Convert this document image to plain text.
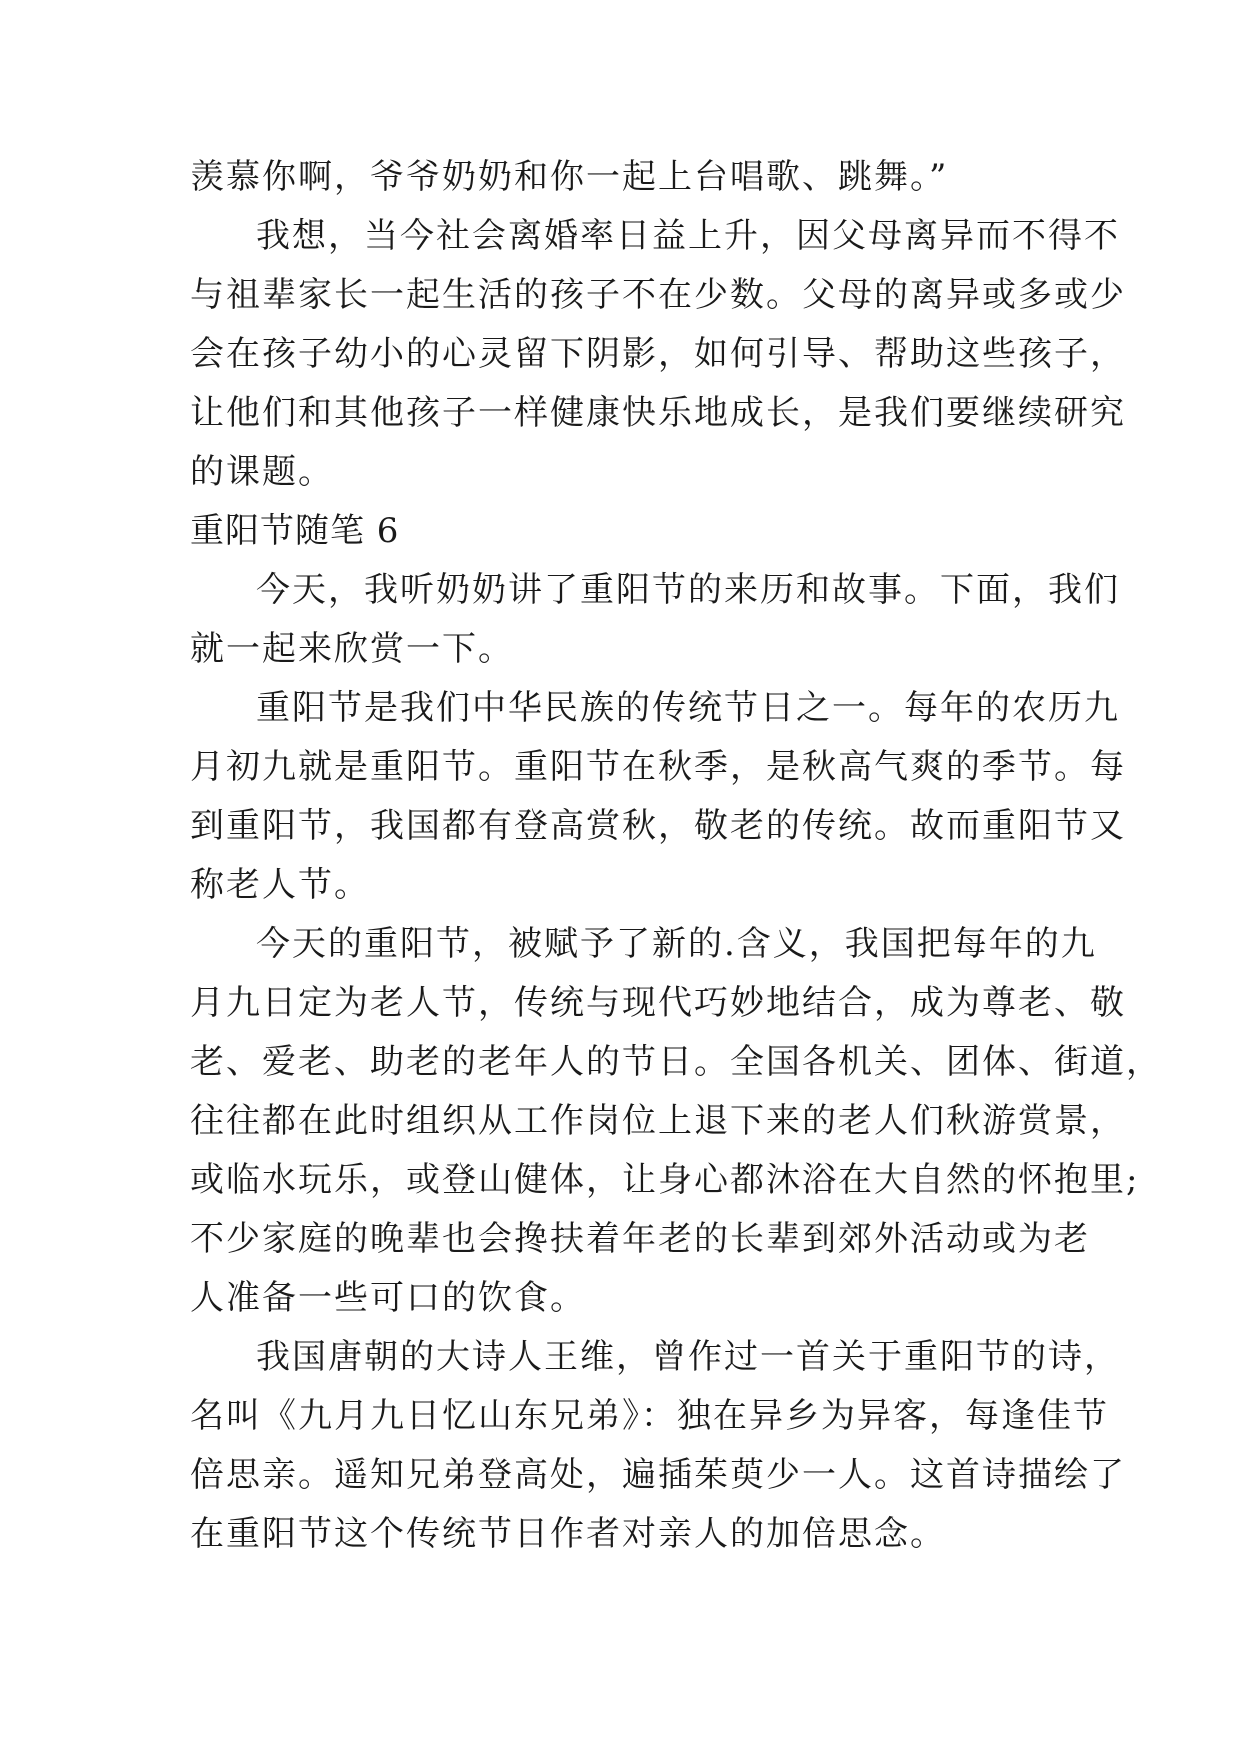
羡慕你啊，爷爷奶奶和你一起上台唱歌、跳舞。”
我想，当今社会离婚率日益上升，因父母离异而不得不
与祖辈家长一起生活的孩子不在少数。父母的离异或多或少
会在孩子幼小的心灵留下阴影，如何引导、帮助这些孩子，
让他们和其他孩子一样健康快乐地成长，是我们要继续研究
的课题。
重阳节随笔 6
今天，我听奶奶讲了重阳节的来历和故事。下面，我们
就一起来欣赏一下。
重阳节是我们中华民族的传统节日之一。每年的农历九
月初九就是重阳节。重阳节在秋季，是秋高气爽的季节。每
到重阳节，我国都有登高赏秋，敬老的传统。故而重阳节又
称老人节。
今天的重阳节，被赋予了新的.含义，我国把每年的九
月九日定为老人节，传统与现代巧妙地结合，成为尊老、敬
老、爱老、助老的老年人的节日。全国各机关、团体、街道，
往往都在此时组织从工作岗位上退下来的老人们秋游赏景，
或临水玩乐，或登山健体，让身心都沐浴在大自然的怀抱里;
不少家庭的晚辈也会搀扶着年老的长辈到郊外活动或为老
人准备一些可口的饮食。
我国唐朝的大诗人王维，曾作过一首关于重阳节的诗，
名叫《九月九日忆山东兄弟》：独在异乡为异客，每逢佳节
倍思亲。遥知兄弟登高处，遍插茱萸少一人。这首诗描绘了
在重阳节这个传统节日作者对亲人的加倍思念。
